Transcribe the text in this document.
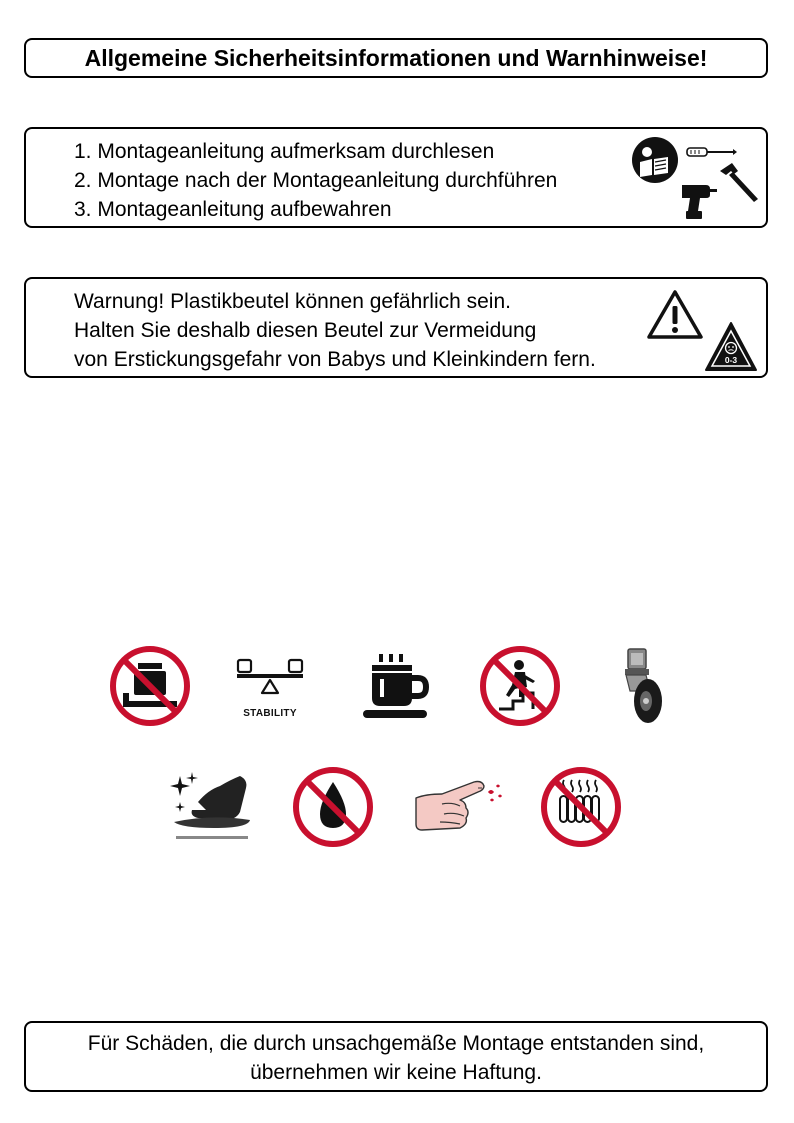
Allgemeine Sicherheitsinformationen und Warnhinweise!
1. Montageanleitung aufmerksam durchlesen
2. Montage nach der Montageanleitung durchführen
3. Montageanleitung aufbewahren
Warnung! Plastikbeutel können gefährlich sein.
Halten Sie deshalb diesen Beutel zur Vermeidung
von Erstickungsgefahr von Babys und Kleinkindern fern.	0-3
STABILITY

Für Schäden, die durch unsachgemäße Montage entstanden sind,
übernehmen wir keine Haftung.
